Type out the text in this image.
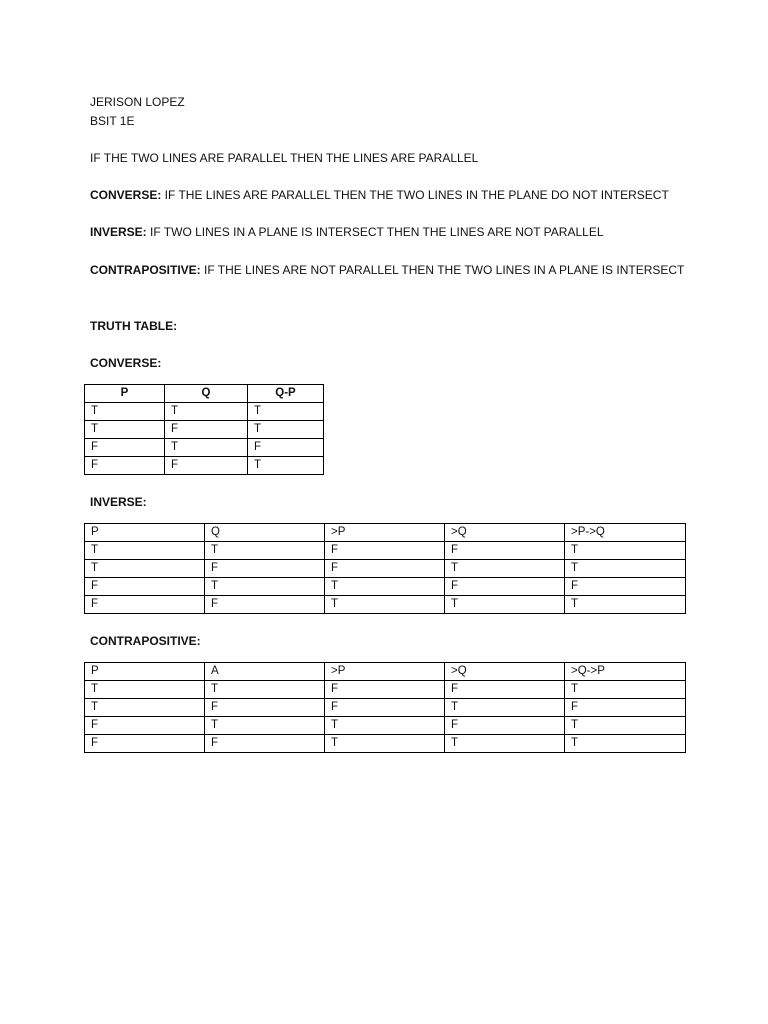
JERISON LOPEZ
BSIT 1E
IF THE TWO LINES ARE PARALLEL THEN THE LINES ARE PARALLEL
CONVERSE: IF THE LINES ARE PARALLEL THEN THE TWO LINES IN THE PLANE DO NOT INTERSECT
INVERSE: IF TWO LINES IN A PLANE IS INTERSECT THEN THE LINES ARE NOT PARALLEL
CONTRAPOSITIVE: IF THE LINES ARE NOT PARALLEL THEN THE TWO LINES IN A PLANE IS INTERSECT
TRUTH TABLE:
CONVERSE:
P	Q	Q-P
T	T	T
T	F	T
F	T	F
F	F	T
INVERSE:
P	Q	>P	>Q	>P->Q
T	T	F	F	T
T	F	F	T	T
F	T	T	F	F
F	F	T	T	T
CONTRAPOSITIVE:
P	A	>P	>Q	>Q->P
T	T	F	F	T
T	F	F	T	F
F	T	T	F	T
F	F	T	T	T
